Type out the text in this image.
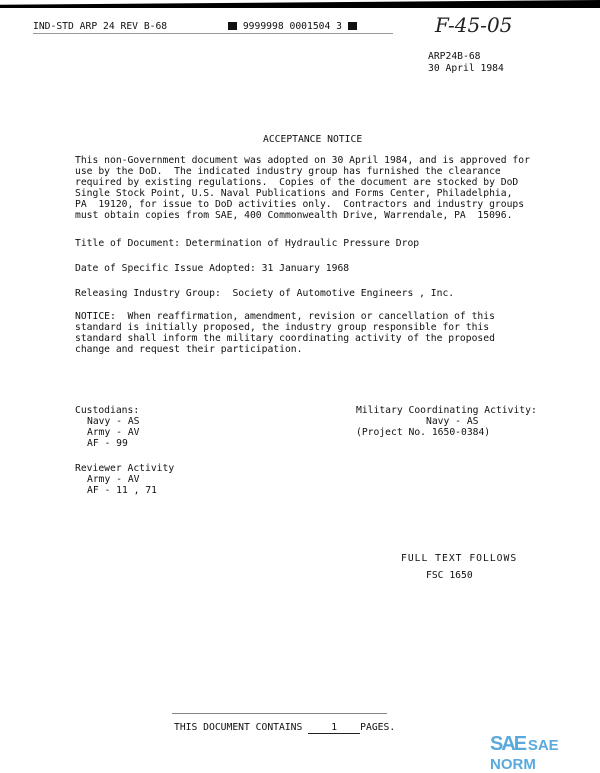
IND-STD ARP 24 REV B-68	9999998 0001504 3	F-45-05
ARP24B-68
30 April 1984
ACCEPTANCE NOTICE
This non-Government document was adopted on 30 April 1984, and is approved for
use by the DoD.  The indicated industry group has furnished the clearance
required by existing regulations.  Copies of the document are stocked by DoD
Single Stock Point, U.S. Naval Publications and Forms Center, Philadelphia,
PA  19120, for issue to DoD activities only.  Contractors and industry groups
must obtain copies from SAE, 400 Commonwealth Drive, Warrendale, PA  15096.
Title of Document: Determination of Hydraulic Pressure Drop
Date of Specific Issue Adopted: 31 January 1968
Releasing Industry Group:  Society of Automotive Engineers , Inc.
NOTICE:  When reaffirmation, amendment, revision or cancellation of this
standard is initially proposed, the industry group responsible for this
standard shall inform the military coordinating activity of the proposed
change and request their participation.
Custodians:
Navy - AS
Army - AV
AF - 99
Military Coordinating Activity:
Navy - AS
(Project No. 1650-0384)
Reviewer Activity
Army - AV
AF - 11 , 71
FULL TEXT FOLLOWS
FSC 1650
THIS DOCUMENT CONTAINS	1 PAGES.
SAE SAE NORM
